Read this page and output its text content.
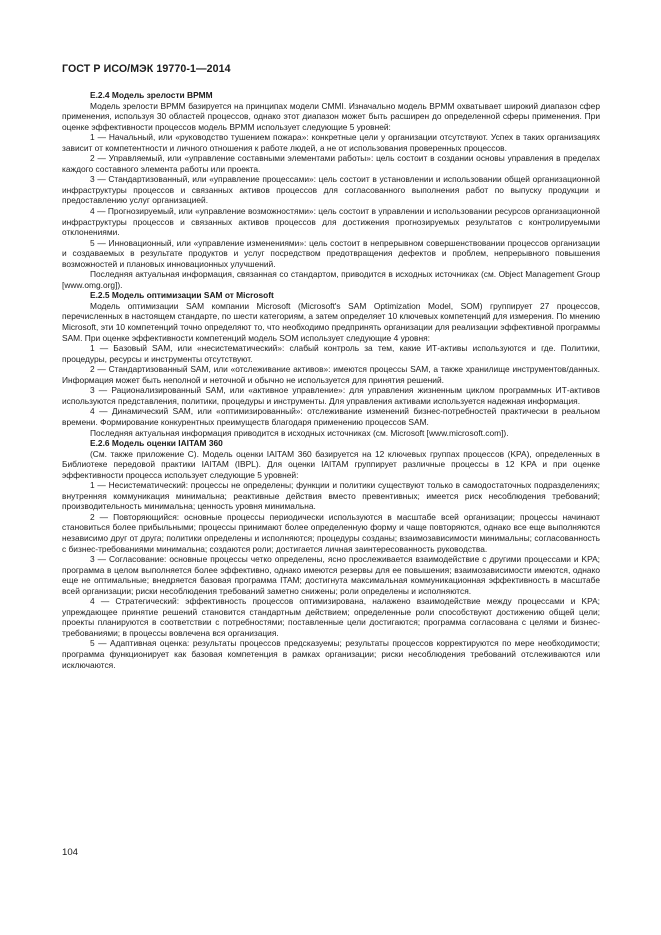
ГОСТ Р ИСО/МЭК 19770-1—2014
Е.2.4 Модель зрелости BPMM

Модель зрелости BPMM базируется на принципах модели CMMI. Изначально модель BPMM охватывает широкий диапазон сфер применения, используя 30 областей процессов, однако этот диапазон может быть расширен до определенной сферы применения. При оценке эффективности процессов модель BPMM использует следующие 5 уровней:

1 — Начальный, или «руководство тушением пожара»: конкретные цели у организации отсутствуют. Успех в таких организациях зависит от компетентности и личного отношения к работе людей, а не от использования проверенных процессов.

2 — Управляемый, или «управление составными элементами работы»: цель состоит в создании основы управления в пределах каждого составного элемента работы или проекта.

3 — Стандартизованный, или «управление процессами»: цель состоит в установлении и использовании общей организационной инфраструктуры процессов и связанных активов процессов для согласованного выполнения работ по выпуску продукции и предоставлению услуг организацией.

4 — Прогнозируемый, или «управление возможностями»: цель состоит в управлении и использовании ресурсов организационной инфраструктуры процессов и связанных активов процессов для достижения прогнозируемых результатов с контролируемыми отклонениями.

5 — Инновационный, или «управление изменениями»: цель состоит в непрерывном совершенствовании процессов организации и создаваемых в результате продуктов и услуг посредством предотвращения дефектов и проблем, непрерывного повышения возможностей и плановых инновационных улучшений.

Последняя актуальная информация, связанная со стандартом, приводится в исходных источниках (см. Object Management Group [www.omg.org]).

Е.2.5 Модель оптимизации SAM от Microsoft

Модель оптимизации SAM компании Microsoft (Microsoft's SAM Optimization Model, SOM) группирует 27 процессов, перечисленных в настоящем стандарте, по шести категориям, а затем определяет 10 ключевых компетенций для измерения. По мнению Microsoft, эти 10 компетенций точно определяют то, что необходимо предпринять организации для реализации эффективной программы SAM. При оценке эффективности компетенций модель SOM использует следующие 4 уровня:

1 — Базовый SAM, или «несистематический»: слабый контроль за тем, какие ИТ-активы используются и где. Политики, процедуры, ресурсы и инструменты отсутствуют.

2 — Стандартизованный SAM, или «отслеживание активов»: имеются процессы SAM, а также хранилище инструментов/данных. Информация может быть неполной и неточной и обычно не используется для принятия решений.

3 — Рационализированный SAM, или «активное управление»: для управления жизненным циклом программных ИТ-активов используются представления, политики, процедуры и инструменты. Для управления активами используется надежная информация.

4 — Динамический SAM, или «оптимизированный»: отслеживание изменений бизнес-потребностей практически в реальном времени. Формирование конкурентных преимуществ благодаря применению процессов SAM.

Последняя актуальная информация приводится в исходных источниках (см. Microsoft [www.microsoft.com]).

Е.2.6 Модель оценки IAITAM 360

(См. также приложение С). Модель оценки IAITAM 360 базируется на 12 ключевых группах процессов (KPA), определенных в Библиотеке передовой практики IAITAM (IBPL). Для оценки IAITAM группирует различные процессы в 12 KPA и при оценке эффективности процесса использует следующие 5 уровней:

1 — Несистематический: процессы не определены; функции и политики существуют только в самодостаточных подразделениях; внутренняя коммуникация минимальна; реактивные действия вместо превентивных; имеется риск несоблюдения требований; производительность минимальна; ценность уровня минимальна.

2 — Повторяющийся: основные процессы периодически используются в масштабе всей организации; процессы начинают становиться более прибыльными; процессы принимают более определенную форму и чаще повторяются, однако все еще выполняются независимо друг от друга; политики определены и исполняются; процедуры созданы; взаимозависимости минимальны; согласованность с бизнес-требованиями минимальна; создаются роли; достигается личная заинтересованность руководства.

3 — Согласование: основные процессы четко определены, ясно прослеживается взаимодействие с другими процессами и KPA; программа в целом выполняется более эффективно, однако имеются резервы для ее повышения; взаимозависимости имеются, однако еще не оптимальные; внедряется базовая программа ITAM; достигнута максимальная коммуникационная эффективность в масштабе всей организации; риски несоблюдения требований заметно снижены; роли определены и исполняются.

4 — Стратегический: эффективность процессов оптимизирована, налажено взаимодействие между процессами и KPA; упреждающее принятие решений становится стандартным действием; определенные роли способствуют достижению общей цели; проекты планируются в соответствии с потребностями; поставленные цели достигаются; программа согласована с целями и бизнес-требованиями; в процессы вовлечена вся организация.

5 — Адаптивная оценка: результаты процессов предсказуемы; результаты процессов корректируются по мере необходимости; программа функционирует как базовая компетенция в рамках организации; риски несоблюдения требований отслеживаются или исключаются.

104
